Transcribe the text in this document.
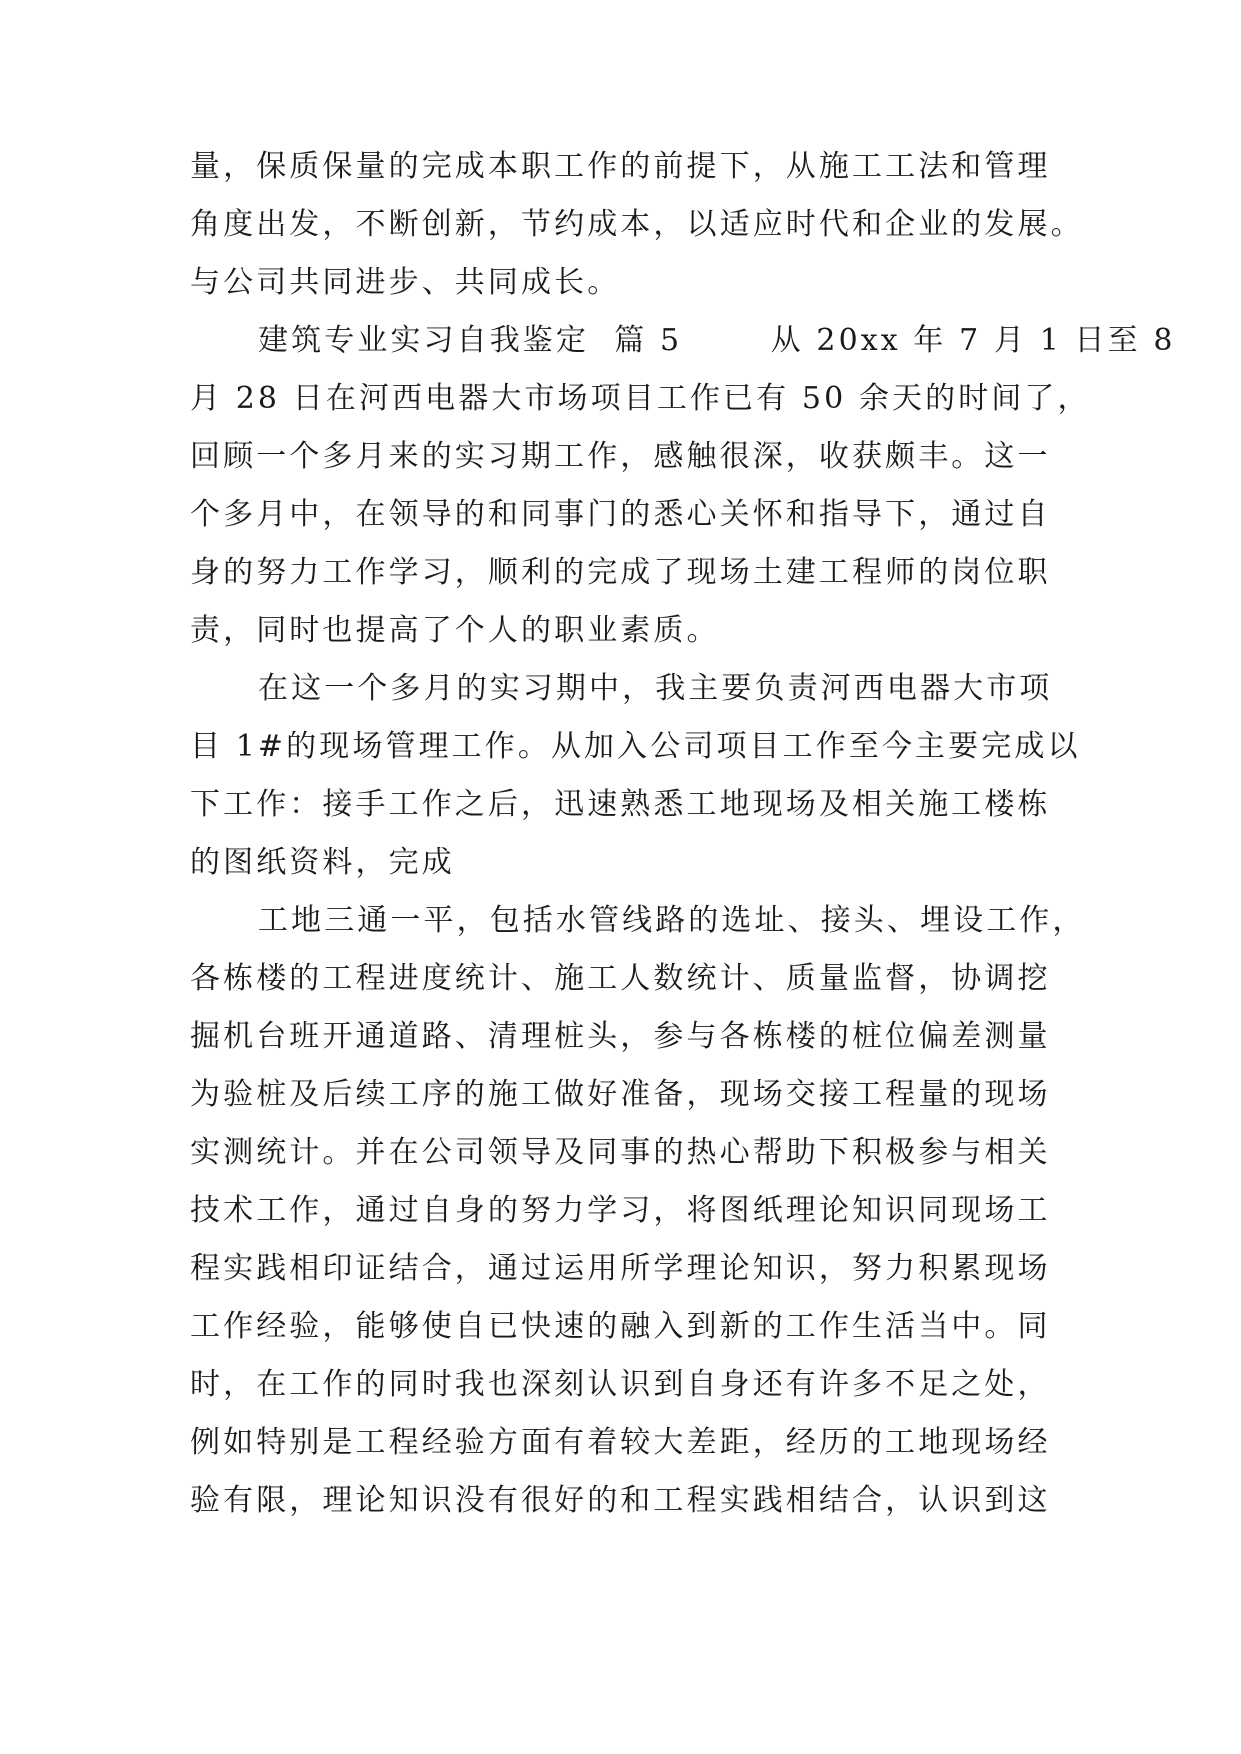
量，保质保量的完成本职工作的前提下，从施工工法和管理
角度出发，不断创新，节约成本，以适应时代和企业的发展。
与公司共同进步、共同成长。
建筑专业实习自我鉴定  篇 5       从 20xx 年 7 月 1 日至 8
月 28 日在河西电器大市场项目工作已有 50 余天的时间了，
回顾一个多月来的实习期工作，感触很深，收获颇丰。这一
个多月中，在领导的和同事门的悉心关怀和指导下，通过自
身的努力工作学习，顺利的完成了现场土建工程师的岗位职
责，同时也提高了个人的职业素质。
在这一个多月的实习期中，我主要负责河西电器大市项
目 1#的现场管理工作。从加入公司项目工作至今主要完成以
下工作：接手工作之后，迅速熟悉工地现场及相关施工楼栋
的图纸资料，完成
工地三通一平，包括水管线路的选址、接头、埋设工作，
各栋楼的工程进度统计、施工人数统计、质量监督，协调挖
掘机台班开通道路、清理桩头，参与各栋楼的桩位偏差测量
为验桩及后续工序的施工做好准备，现场交接工程量的现场
实测统计。并在公司领导及同事的热心帮助下积极参与相关
技术工作，通过自身的努力学习，将图纸理论知识同现场工
程实践相印证结合，通过运用所学理论知识，努力积累现场
工作经验，能够使自已快速的融入到新的工作生活当中。同
时，在工作的同时我也深刻认识到自身还有许多不足之处，
例如特别是工程经验方面有着较大差距，经历的工地现场经
验有限，理论知识没有很好的和工程实践相结合，认识到这
